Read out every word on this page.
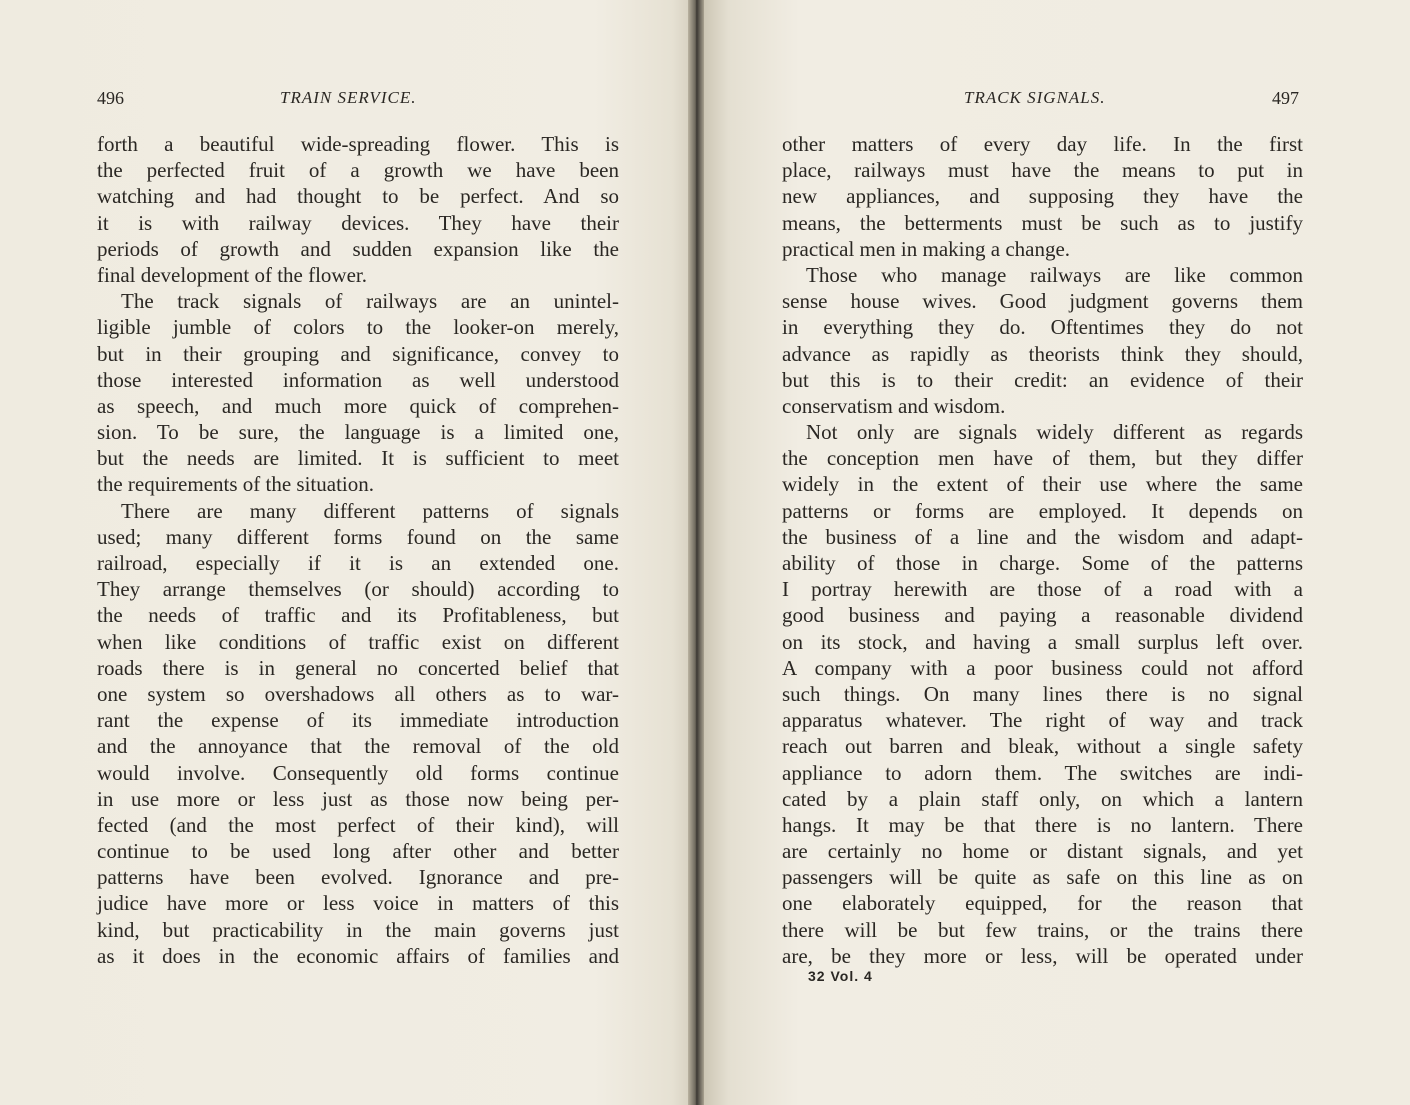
496	TRAIN SERVICE.
forth a beautiful wide-spreading flower. This is
the perfected fruit of a growth we have been
watching and had thought to be perfect. And so
it is with railway devices. They have their
periods of growth and sudden expansion like the
final development of the flower.
The track signals of railways are an unintel-
ligible jumble of colors to the looker-on merely,
but in their grouping and significance, convey to
those interested information as well understood
as speech, and much more quick of comprehen-
sion. To be sure, the language is a limited one,
but the needs are limited. It is sufficient to meet
the requirements of the situation.
There are many different patterns of signals
used; many different forms found on the same
railroad, especially if it is an extended one.
They arrange themselves (or should) according to
the needs of traffic and its Profitableness, but
when like conditions of traffic exist on different
roads there is in general no concerted belief that
one system so overshadows all others as to war-
rant the expense of its immediate introduction
and the annoyance that the removal of the old
would involve. Consequently old forms continue
in use more or less just as those now being per-
fected (and the most perfect of their kind), will
continue to be used long after other and better
patterns have been evolved. Ignorance and pre-
judice have more or less voice in matters of this
kind, but practicability in the main governs just
as it does in the economic affairs of families and
TRACK SIGNALS.	497
other matters of every day life. In the first
place, railways must have the means to put in
new appliances, and supposing they have the
means, the betterments must be such as to justify
practical men in making a change.
Those who manage railways are like common
sense house wives. Good judgment governs them
in everything they do. Oftentimes they do not
advance as rapidly as theorists think they should,
but this is to their credit: an evidence of their
conservatism and wisdom.
Not only are signals widely different as regards
the conception men have of them, but they differ
widely in the extent of their use where the same
patterns or forms are employed. It depends on
the business of a line and the wisdom and adapt-
ability of those in charge. Some of the patterns
I portray herewith are those of a road with a
good business and paying a reasonable dividend
on its stock, and having a small surplus left over.
A company with a poor business could not afford
such things. On many lines there is no signal
apparatus whatever. The right of way and track
reach out barren and bleak, without a single safety
appliance to adorn them. The switches are indi-
cated by a plain staff only, on which a lantern
hangs. It may be that there is no lantern. There
are certainly no home or distant signals, and yet
passengers will be quite as safe on this line as on
one elaborately equipped, for the reason that
there will be but few trains, or the trains there
are, be they more or less, will be operated under
32 Vol. 4
